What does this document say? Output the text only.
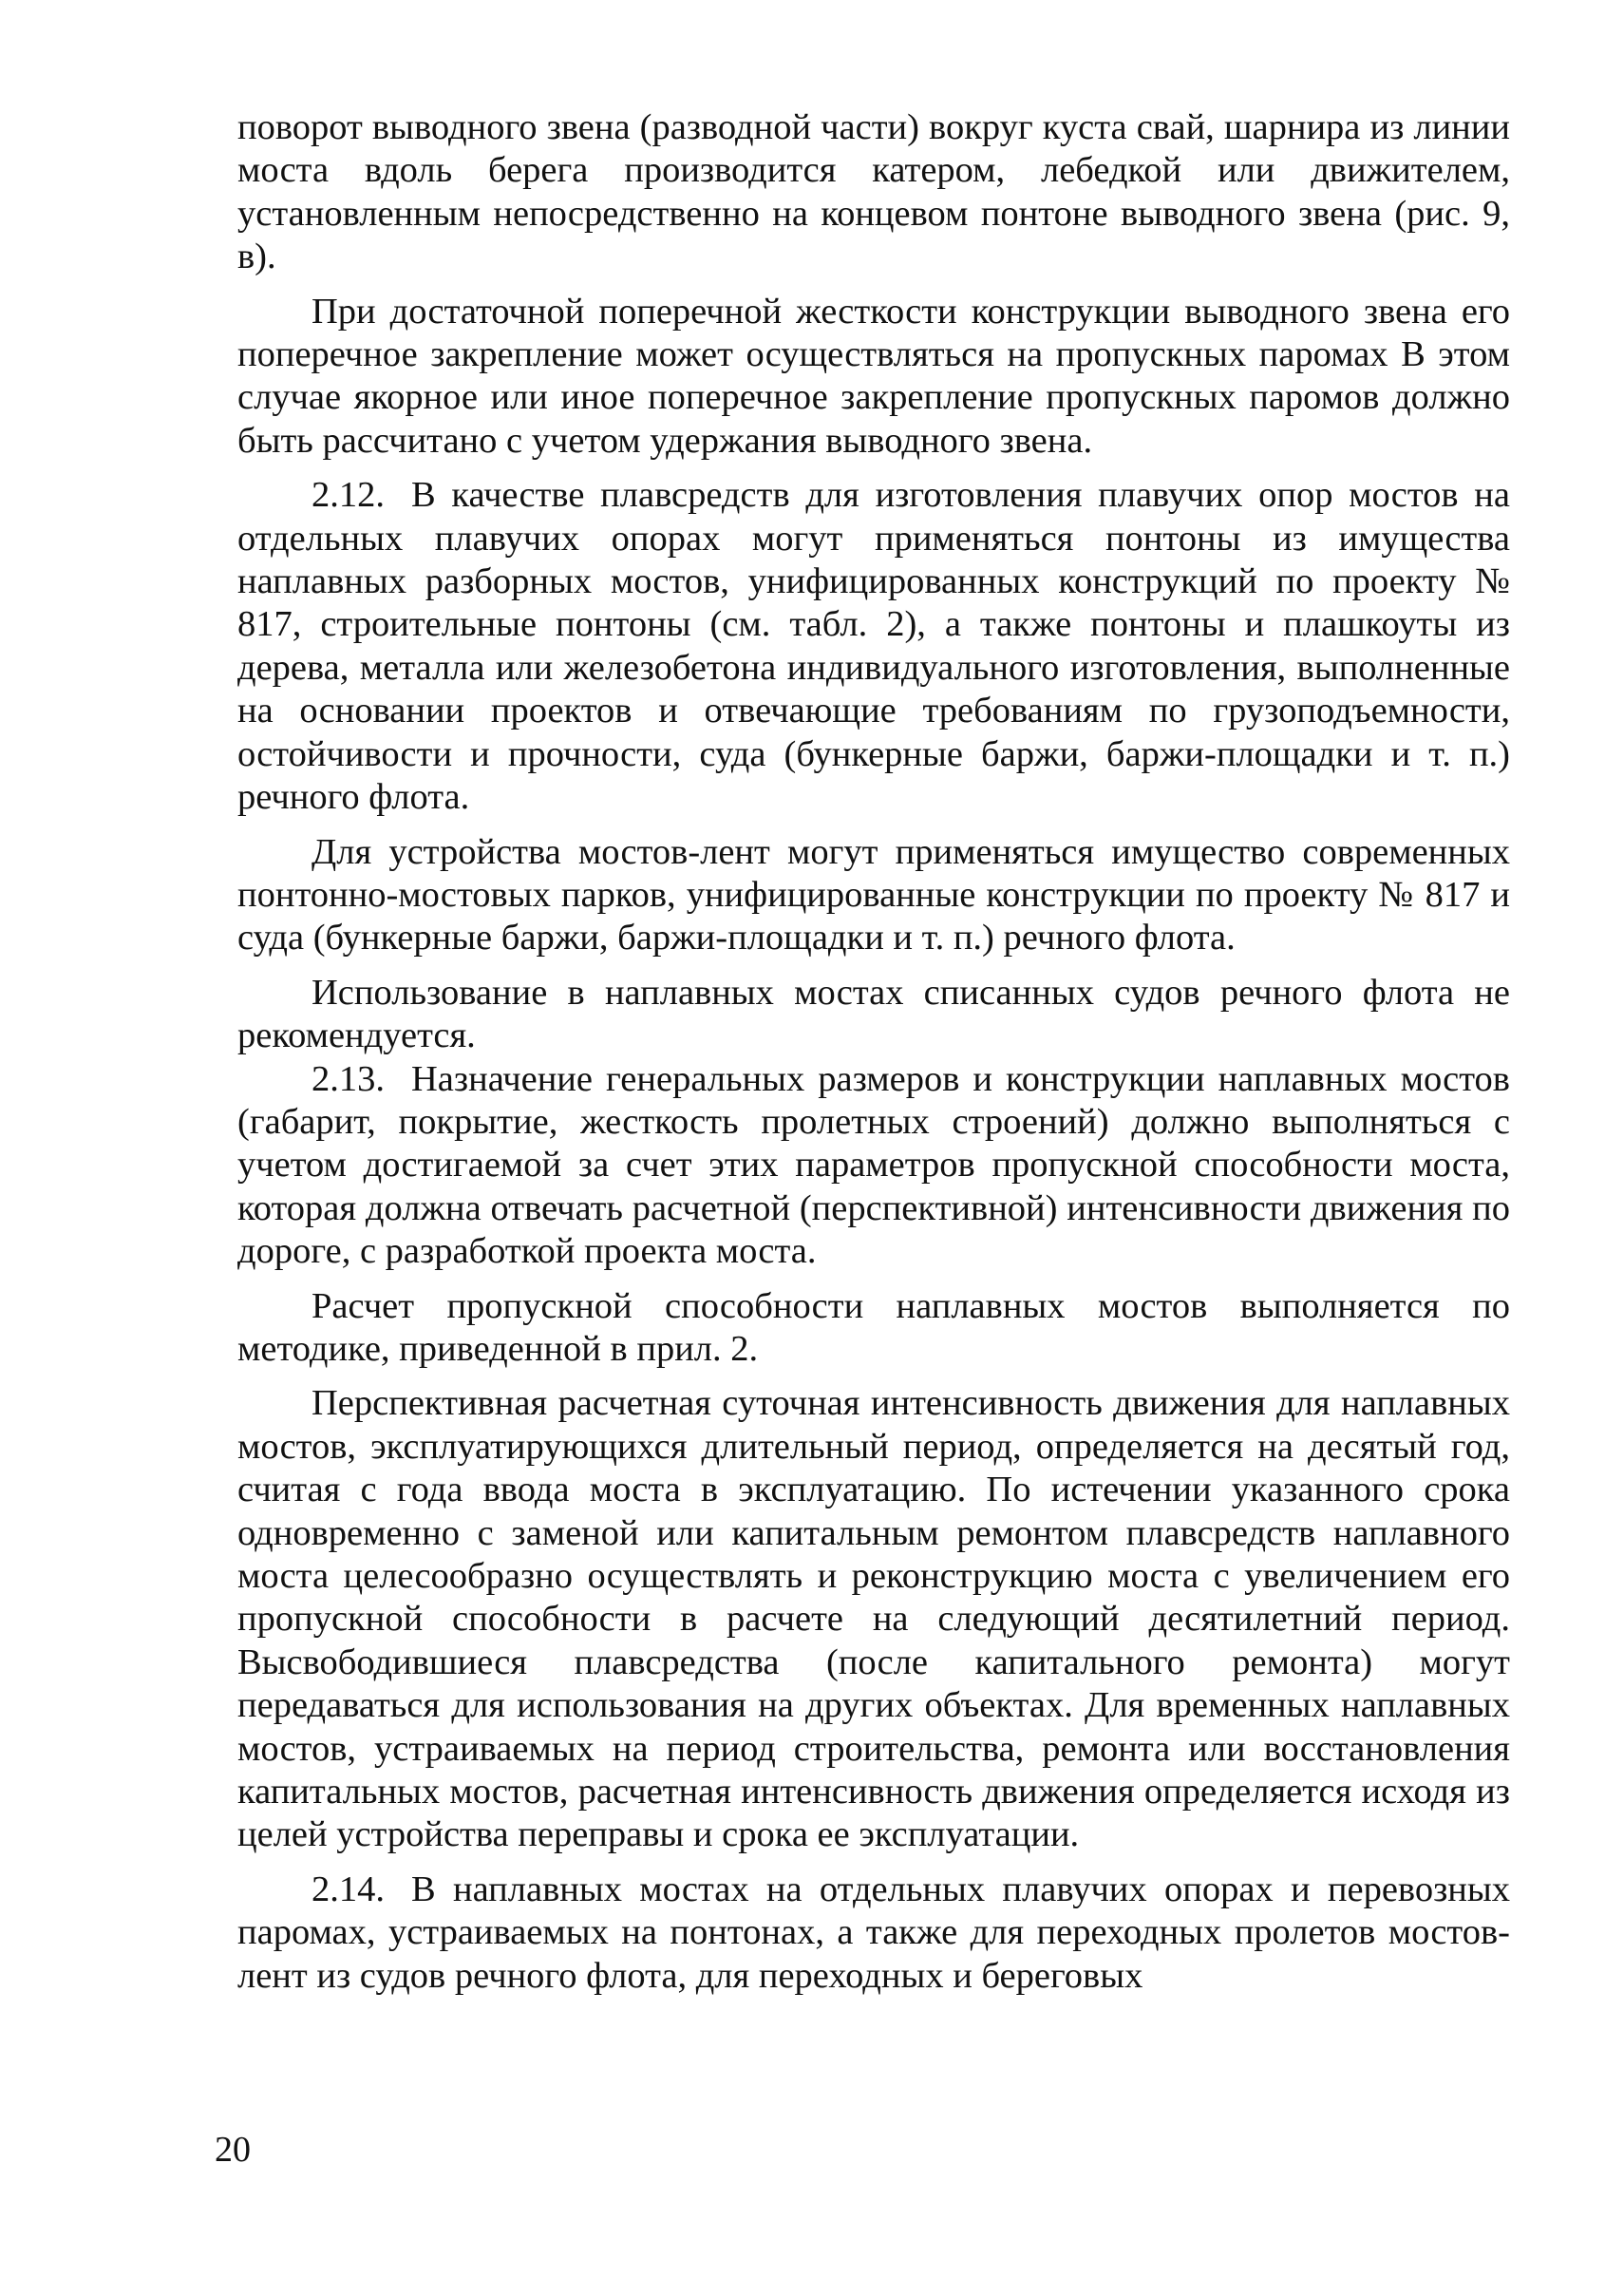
поворот выводного звена (разводной части) вокруг куста свай, шарнира из линии моста вдоль берега производится катером, лебедкой или движителем, установленным непосредственно на концевом понтоне выводного звена (рис. 9, в).

При достаточной поперечной жесткости конструкции выводного звена его поперечное закрепление может осуществляться на пропускных паромах В этом случае якорное или иное поперечное закрепление пропускных паромов должно быть рассчитано с учетом удержания выводного звена.

2.12. В качестве плавсредств для изготовления плавучих опор мостов на отдельных плавучих опорах могут применяться понтоны из имущества наплавных разборных мостов, унифицированных конструкций по проекту № 817, строительные понтоны (см. табл. 2), а также понтоны и плашкоуты из дерева, металла или железобетона индивидуального изготовления, выполненные на основании проектов и отвечающие требованиям по грузоподъемности, остойчивости и прочности, суда (бункерные баржи, баржи-площадки и т. п.) речного флота.

Для устройства мостов-лент могут применяться имущество современных понтонно-мостовых парков, унифицированные конструкции по проекту № 817 и суда (бункерные баржи, баржи-площадки и т. п.) речного флота.

Использование в наплавных мостах списанных судов речного флота не рекомендуется.

2.13. Назначение генеральных размеров и конструкции наплавных мостов (габарит, покрытие, жесткость пролетных строений) должно выполняться с учетом достигаемой за счет этих параметров пропускной способности моста, которая должна отвечать расчетной (перспективной) интенсивности движения по дороге, с разработкой проекта моста.

Расчет пропускной способности наплавных мостов выполняется по методике, приведенной в прил. 2.

Перспективная расчетная суточная интенсивность движения для наплавных мостов, эксплуатирующихся длительный период, определяется на десятый год, считая с года ввода моста в эксплуатацию. По истечении указанного срока одновременно с заменой или капитальным ремонтом плавсредств наплавного моста целесообразно осуществлять и реконструкцию моста с увеличением его пропускной способности в расчете на следующий десятилетний период. Высвободившиеся плавсредства (после капитального ремонта) могут передаваться для использования на других объектах. Для временных наплавных мостов, устраиваемых на период строительства, ремонта или восстановления капитальных мостов, расчетная интенсивность движения определяется исходя из целей устройства переправы и срока ее эксплуатации.

2.14. В наплавных мостах на отдельных плавучих опорах и перевозных паромах, устраиваемых на понтонах, а также для переходных пролетов мостов-лент из судов речного флота, для переходных и береговых

20
